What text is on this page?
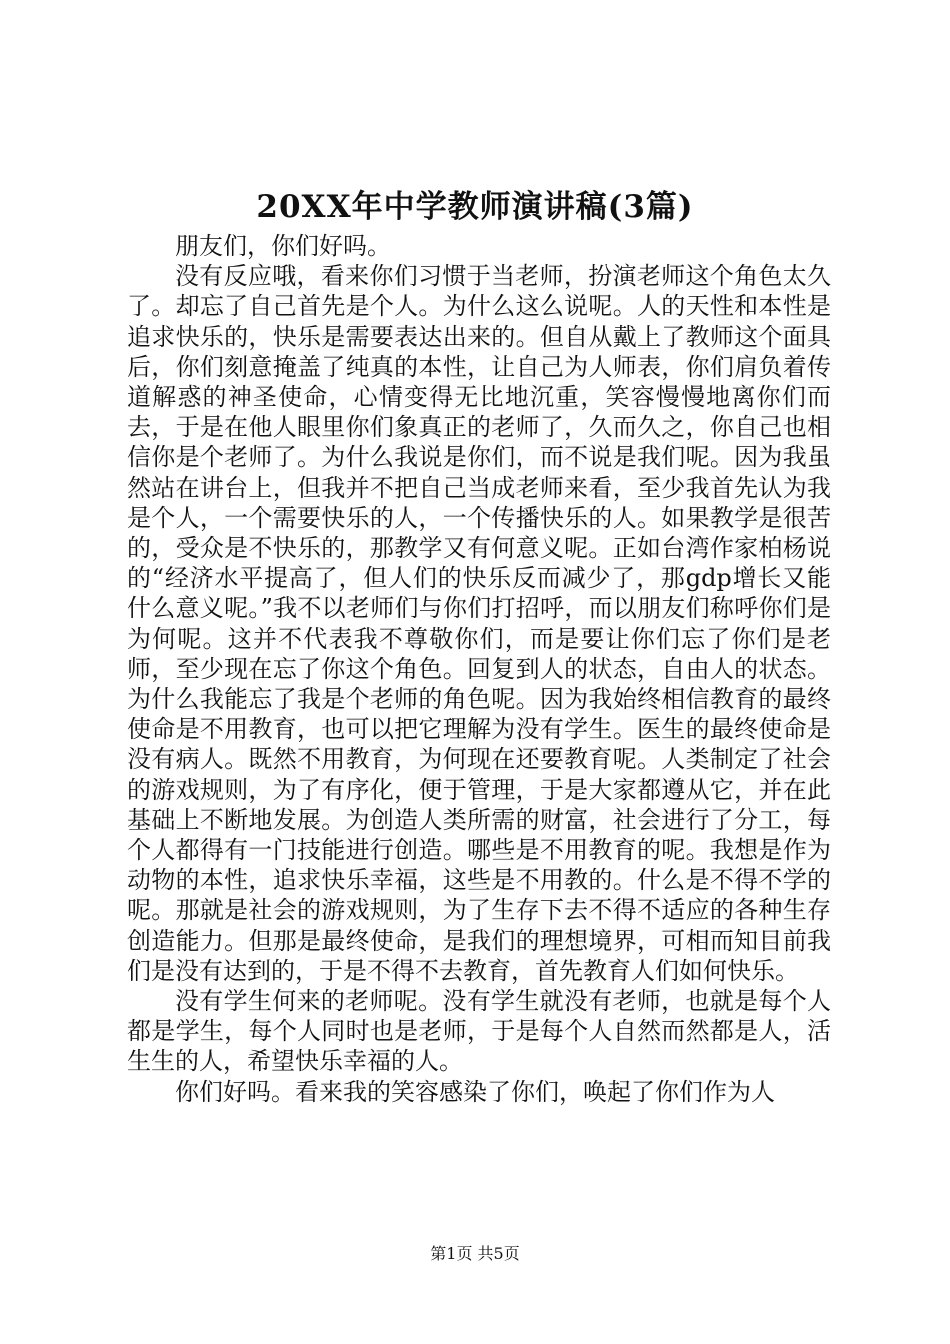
20XX年中学教师演讲稿(3篇)

朋友们，你们好吗。

没有反应哦，看来你们习惯于当老师，扮演老师这个角色太久了。却忘了自己首先是个人。为什么这么说呢。人的天性和本性是追求快乐的，快乐是需要表达出来的。但自从戴上了教师这个面具后，你们刻意掩盖了纯真的本性，让自己为人师表，你们肩负着传道解惑的神圣使命，心情变得无比地沉重，笑容慢慢地离你们而去，于是在他人眼里你们象真正的老师了，久而久之，你自己也相信你是个老师了。为什么我说是你们，而不说是我们呢。因为我虽然站在讲台上，但我并不把自己当成老师来看，至少我首先认为我是个人，一个需要快乐的人，一个传播快乐的人。如果教学是很苦的，受众是不快乐的，那教学又有何意义呢。正如台湾作家柏杨说的“经济水平提高了，但人们的快乐反而减少了，那gdp增长又能什么意义呢。”我不以老师们与你们打招呼，而以朋友们称呼你们是为何呢。这并不代表我不尊敬你们，而是要让你们忘了你们是老师，至少现在忘了你这个角色。回复到人的状态，自由人的状态。为什么我能忘了我是个老师的角色呢。因为我始终相信教育的最终使命是不用教育，也可以把它理解为没有学生。医生的最终使命是没有病人。既然不用教育，为何现在还要教育呢。人类制定了社会的游戏规则，为了有序化，便于管理，于是大家都遵从它，并在此基础上不断地发展。为创造人类所需的财富，社会进行了分工，每个人都得有一门技能进行创造。哪些是不用教育的呢。我想是作为动物的本性，追求快乐幸福，这些是不用教的。什么是不得不学的呢。那就是社会的游戏规则，为了生存下去不得不适应的各种生存创造能力。但那是最终使命，是我们的理想境界，可相而知目前我们是没有达到的，于是不得不去教育，首先教育人们如何快乐。

没有学生何来的老师呢。没有学生就没有老师，也就是每个人都是学生，每个人同时也是老师，于是每个人自然而然都是人，活生生的人，希望快乐幸福的人。

你们好吗。看来我的笑容感染了你们，唤起了你们作为人

第1页 共5页
